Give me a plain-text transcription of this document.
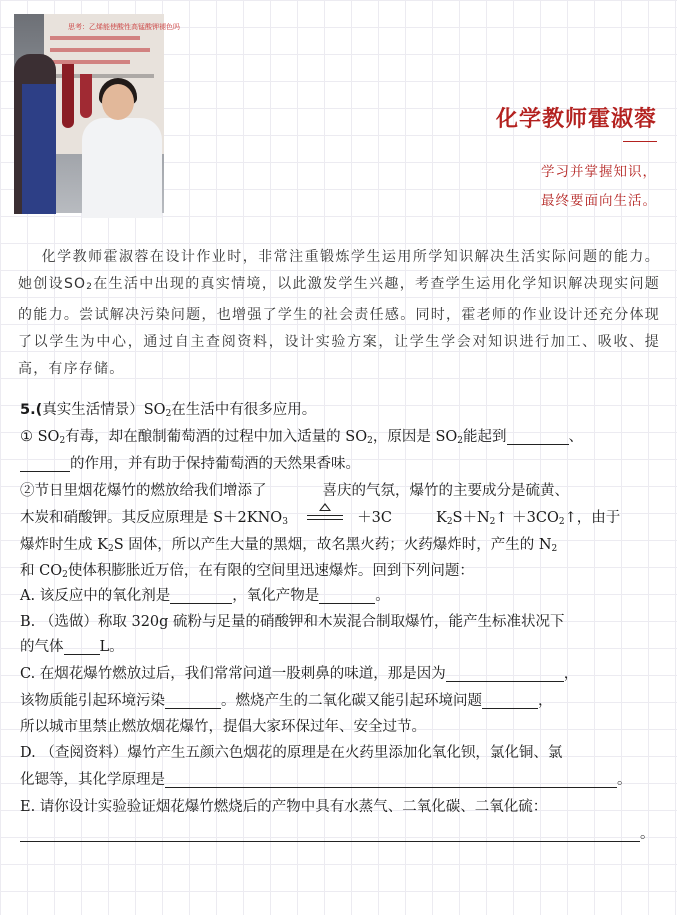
思考：乙烯能使酸性高锰酸钾褪色吗
化学教师霍淑蓉
学习并掌握知识，
最终要面向生活。

  化学教师霍淑蓉在设计作业时，非常注重锻炼学生运用所学知识解决生活实际问题的能力。她创设SO2在生活中出现的真实情境，以此激发学生兴趣，考查学生运用化学知识解决现实问题的能力。尝试解决污染问题，也增强了学生的社会责任感。同时，霍老师的作业设计还充分体现了以学生为中心，通过自主查阅资料，设计实验方案，让学生学会对知识进行加工、吸收、提高，有序存储。

5.(真实生活情景）SO2在生活中有很多应用。
① SO2有毒，却在酿制葡萄酒的过程中加入适量的 SO2，原因是 SO2能起到	、
的作用，并有助于保持葡萄酒的天然果香味。
②节日里烟花爆竹的燃放给我们增添了	喜庆的气氛，爆竹的主要成分是硫黄、
木炭和硝酸钾。其反应原理是 S＋2KNO3	＋3C	K2S＋N2↑ ＋3CO2↑，由于
爆炸时生成 K2S 固体，所以产生大量的黑烟，故名黑火药；火药爆炸时，产生的 N2
和 CO2使体积膨胀近万倍，在有限的空间里迅速爆炸。回到下列问题：
A. 该反应中的氧化剂是	，氧化产物是	。
B. （选做）称取 320g 硫粉与足量的硝酸钾和木炭混合制取爆竹，能产生标准状况下
的气体 L。
C. 在烟花爆竹燃放过后，我们常常问道一股刺鼻的味道，那是因为	，
该物质能引起环境污染	。燃烧产生的二氧化碳又能引起环境问题	，
所以城市里禁止燃放烟花爆竹，提倡大家环保过年、安全过节。
D. （查阅资料）爆竹产生五颜六色烟花的原理是在火药里添加化氧化钡，氯化铜、氯
化锶等，其化学原理是	。
E. 请你设计实验验证烟花爆竹燃烧后的产物中具有水蒸气、二氧化碳、二氧化硫：
。
